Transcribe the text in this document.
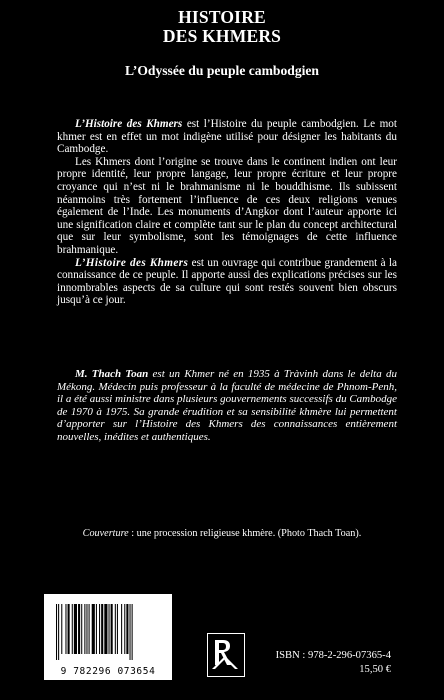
HISTOIRE
DES KHMERS
L’Odyssée du peuple cambodgien

L’Histoire des Khmers est l’Histoire du peuple cambodgien. Le mot khmer est en effet un mot indigène utilisé pour désigner les habitants du Cambodge.

Les Khmers dont l’origine se trouve dans le continent indien ont leur propre identité, leur propre langage, leur propre écriture et leur propre croyance qui n’est ni le brahmanisme ni le bouddhisme. Ils subissent néanmoins très fortement l’influence de ces deux religions venues également de l’Inde. Les monuments d’Angkor dont l’auteur apporte ici une signification claire et complète tant sur le plan du concept architectural que sur leur symbolisme, sont les témoignages de cette influence brahmanique.

L’Histoire des Khmers est un ouvrage qui contribue grandement à la connaissance de ce peuple. Il apporte aussi des explications précises sur les innombrables aspects de sa culture qui sont restés souvent bien obscurs jusqu’à ce jour.

M. Thach Toan est un Khmer né en 1935 à Tràvinh dans le delta du Mékong. Médecin puis professeur à la faculté de médecine de Phnom-Penh, il a été aussi ministre dans plusieurs gouvernements successifs du Cambodge de 1970 à 1975. Sa grande érudition et sa sensibilité khmère lui permettent d’apporter sur l’Histoire des Khmers des connaissances entièrement nouvelles, inédites et authentiques.

Couverture : une procession religieuse khmère. (Photo Thach Toan).
9 782296 073654
ISBN : 978-2-296-07365-4
15,50 €
